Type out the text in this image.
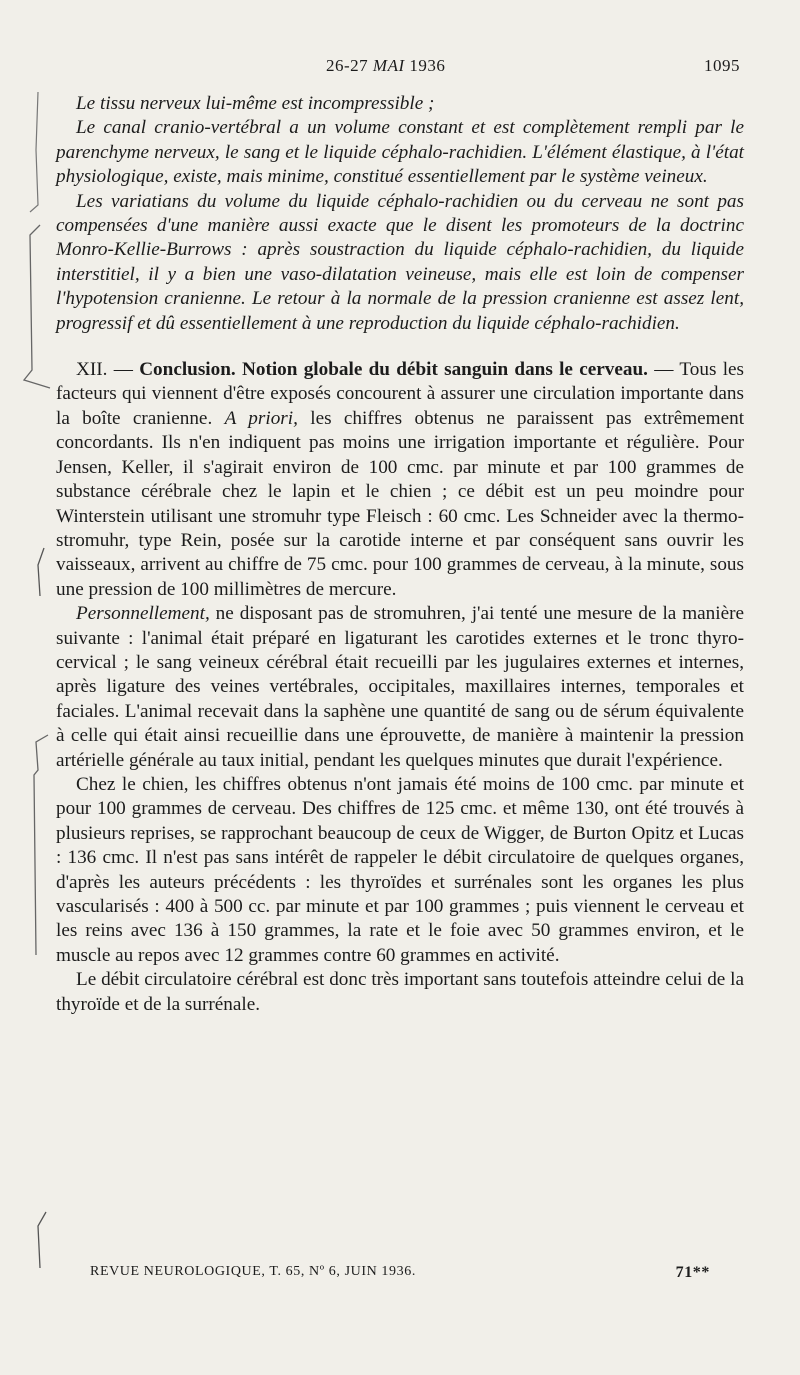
26-27 MAI 1936	1095

Le tissu nerveux lui-même est incompressible ;

Le canal cranio-vertébral a un volume constant et est complètement rempli par le parenchyme nerveux, le sang et le liquide céphalo-rachidien. L'élément élastique, à l'état physiologique, existe, mais minime, constitué essentiellement par le système veineux.

Les variatians du volume du liquide céphalo-rachidien ou du cerveau ne sont pas compensées d'une manière aussi exacte que le disent les promoteurs de la doctrinc Monro-Kellie-Burrows : après soustraction du liquide céphalo-rachidien, du liquide interstitiel, il y a bien une vaso-dilatation veineuse, mais elle est loin de compenser l'hypotension cranienne. Le retour à la normale de la pression cranienne est assez lent, progressif et dû essentiellement à une reproduction du liquide céphalo-rachidien.

XII. — Conclusion. Notion globale du débit sanguin dans le cerveau. — Tous les facteurs qui viennent d'être exposés concourent à assurer une circulation importante dans la boîte cranienne. A priori, les chiffres obtenus ne paraissent pas extrêmement concordants. Ils n'en indiquent pas moins une irrigation importante et régulière. Pour Jensen, Keller, il s'agirait environ de 100 cmc. par minute et par 100 grammes de substance cérébrale chez le lapin et le chien ; ce débit est un peu moindre pour Winterstein utilisant une stromuhr type Fleisch : 60 cmc. Les Schneider avec la thermo-stromuhr, type Rein, posée sur la carotide interne et par conséquent sans ouvrir les vaisseaux, arrivent au chiffre de 75 cmc. pour 100 grammes de cerveau, à la minute, sous une pression de 100 millimètres de mercure.

Personnellement, ne disposant pas de stromuhren, j'ai tenté une mesure de la manière suivante : l'animal était préparé en ligaturant les carotides externes et le tronc thyro-cervical ; le sang veineux cérébral était recueilli par les jugulaires externes et internes, après ligature des veines vertébrales, occipitales, maxillaires internes, temporales et faciales. L'animal recevait dans la saphène une quantité de sang ou de sérum équivalente à celle qui était ainsi recueillie dans une éprouvette, de manière à maintenir la pression artérielle générale au taux initial, pendant les quelques minutes que durait l'expérience.

Chez le chien, les chiffres obtenus n'ont jamais été moins de 100 cmc. par minute et pour 100 grammes de cerveau. Des chiffres de 125 cmc. et même 130, ont été trouvés à plusieurs reprises, se rapprochant beaucoup de ceux de Wigger, de Burton Opitz et Lucas : 136 cmc. Il n'est pas sans intérêt de rappeler le débit circulatoire de quelques organes, d'après les auteurs précédents : les thyroïdes et surrénales sont les organes les plus vascularisés : 400 à 500 cc. par minute et par 100 grammes ; puis viennent le cerveau et les reins avec 136 à 150 grammes, la rate et le foie avec 50 grammes environ, et le muscle au repos avec 12 grammes contre 60 grammes en activité.

Le débit circulatoire cérébral est donc très important sans toutefois atteindre celui de la thyroïde et de la surrénale.

REVUE NEUROLOGIQUE, T. 65, Nº 6, JUIN 1936.	71**
